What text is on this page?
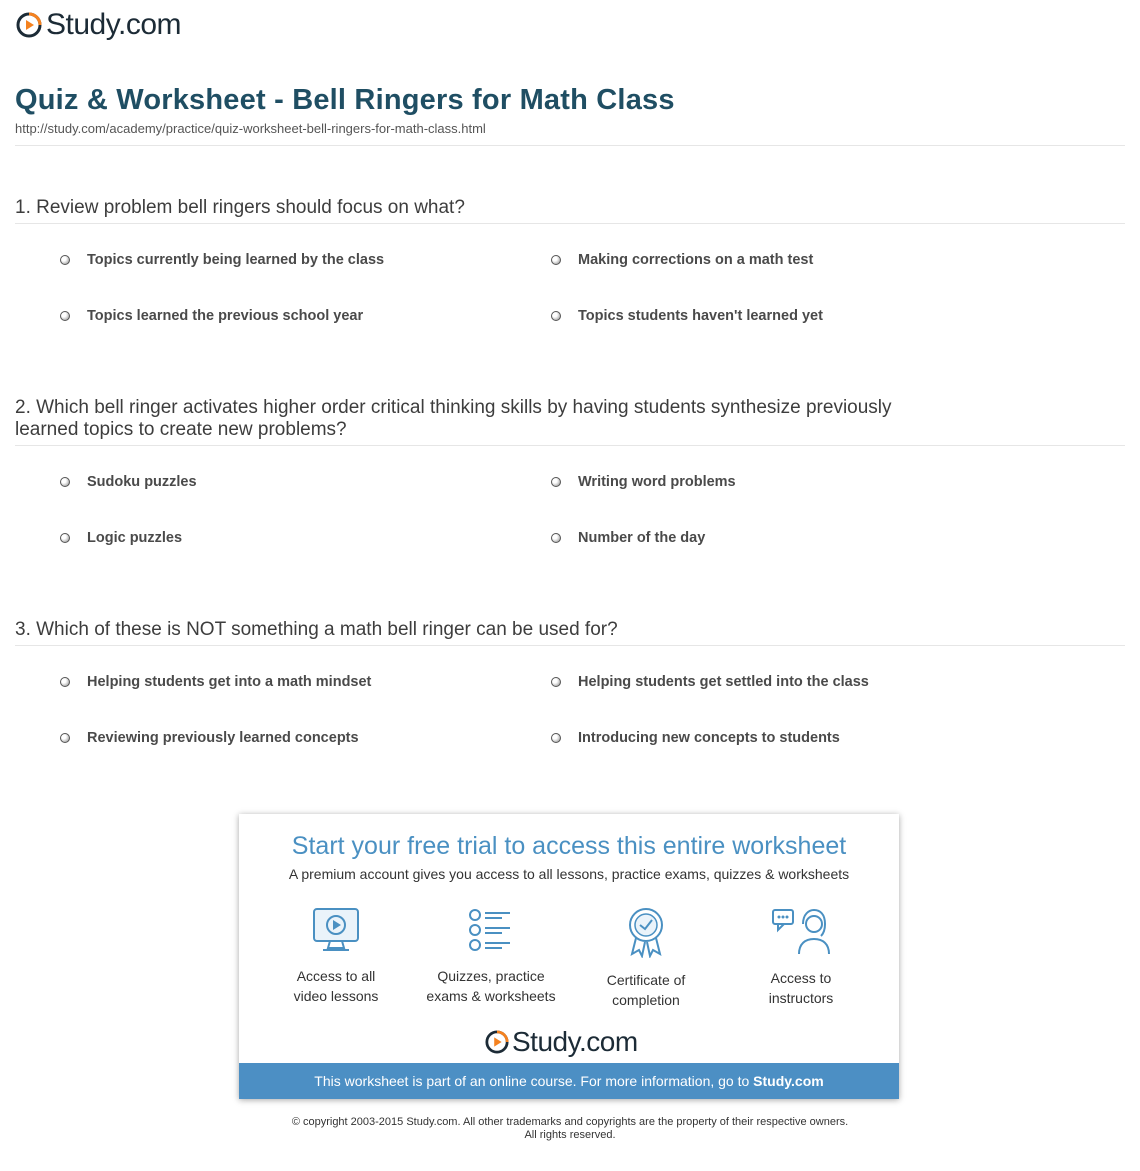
Study.com
Quiz & Worksheet - Bell Ringers for Math Class
http://study.com/academy/practice/quiz-worksheet-bell-ringers-for-math-class.html
1. Review problem bell ringers should focus on what?
Topics currently being learned by the class	Making corrections on a math test
Topics learned the previous school year	Topics students haven't learned yet
2. Which bell ringer activates higher order critical thinking skills by having students synthesize previously learned topics to create new problems?
Sudoku puzzles	Writing word problems
Logic puzzles	Number of the day
3. Which of these is NOT something a math bell ringer can be used for?
Helping students get into a math mindset	Helping students get settled into the class
Reviewing previously learned concepts	Introducing new concepts to students
Start your free trial to access this entire worksheet
A premium account gives you access to all lessons, practice exams, quizzes & worksheets
Access to all
video lessons
Quizzes, practice
exams & worksheets
Certificate of
completion
Access to
instructors
Study.com
This worksheet is part of an online course. For more information, go to Study.com
© copyright 2003-2015 Study.com. All other trademarks and copyrights are the property of their respective owners.
All rights reserved.
